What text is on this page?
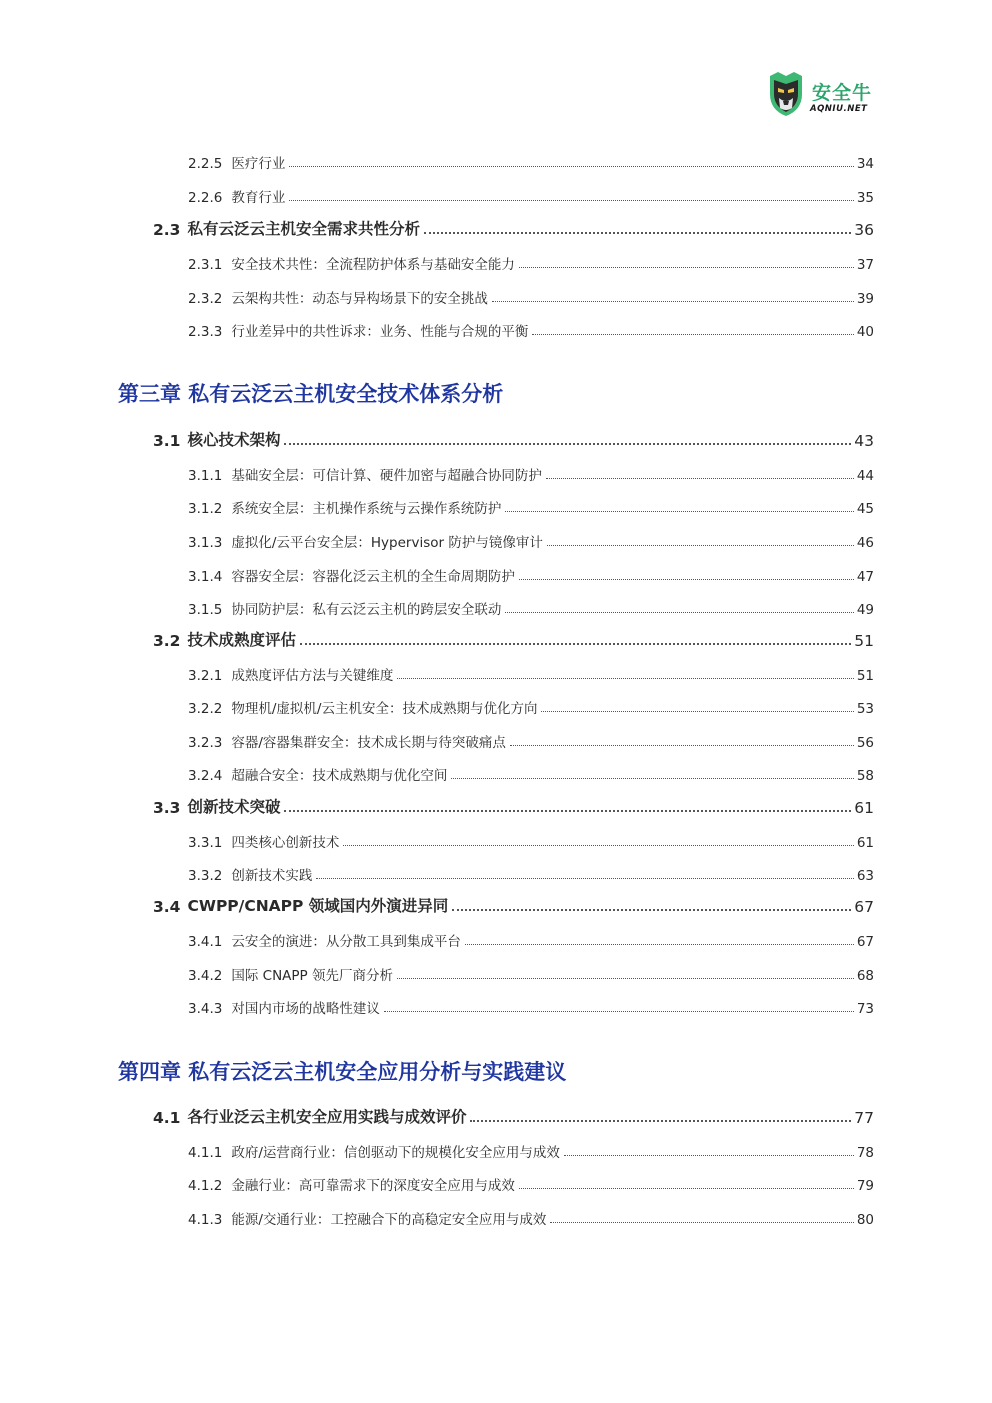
安全牛
AQNIU.NET
2.2.5 医疗行业	34
2.2.6 教育行业	35
2.3 私有云泛云主机安全需求共性分析	36
2.3.1 安全技术共性：全流程防护体系与基础安全能力	37
2.3.2 云架构共性：动态与异构场景下的安全挑战	39
2.3.3 行业差异中的共性诉求：业务、性能与合规的平衡	40
第三章 私有云泛云主机安全技术体系分析
3.1 核心技术架构	43
3.1.1 基础安全层：可信计算、硬件加密与超融合协同防护	44
3.1.2 系统安全层：主机操作系统与云操作系统防护	45
3.1.3 虚拟化/云平台安全层：Hypervisor 防护与镜像审计	46
3.1.4 容器安全层：容器化泛云主机的全生命周期防护	47
3.1.5 协同防护层：私有云泛云主机的跨层安全联动	49
3.2 技术成熟度评估	51
3.2.1 成熟度评估方法与关键维度	51
3.2.2 物理机/虚拟机/云主机安全：技术成熟期与优化方向	53
3.2.3 容器/容器集群安全：技术成长期与待突破痛点	56
3.2.4 超融合安全：技术成熟期与优化空间	58
3.3 创新技术突破	61
3.3.1 四类核心创新技术	61
3.3.2 创新技术实践	63
3.4 CWPP/CNAPP 领域国内外演进异同	67
3.4.1 云安全的演进：从分散工具到集成平台	67
3.4.2 国际 CNAPP 领先厂商分析	68
3.4.3 对国内市场的战略性建议	73
第四章 私有云泛云主机安全应用分析与实践建议
4.1 各行业泛云主机安全应用实践与成效评价	77
4.1.1 政府/运营商行业：信创驱动下的规模化安全应用与成效	78
4.1.2 金融行业：高可靠需求下的深度安全应用与成效	79
4.1.3 能源/交通行业：工控融合下的高稳定安全应用与成效	80
